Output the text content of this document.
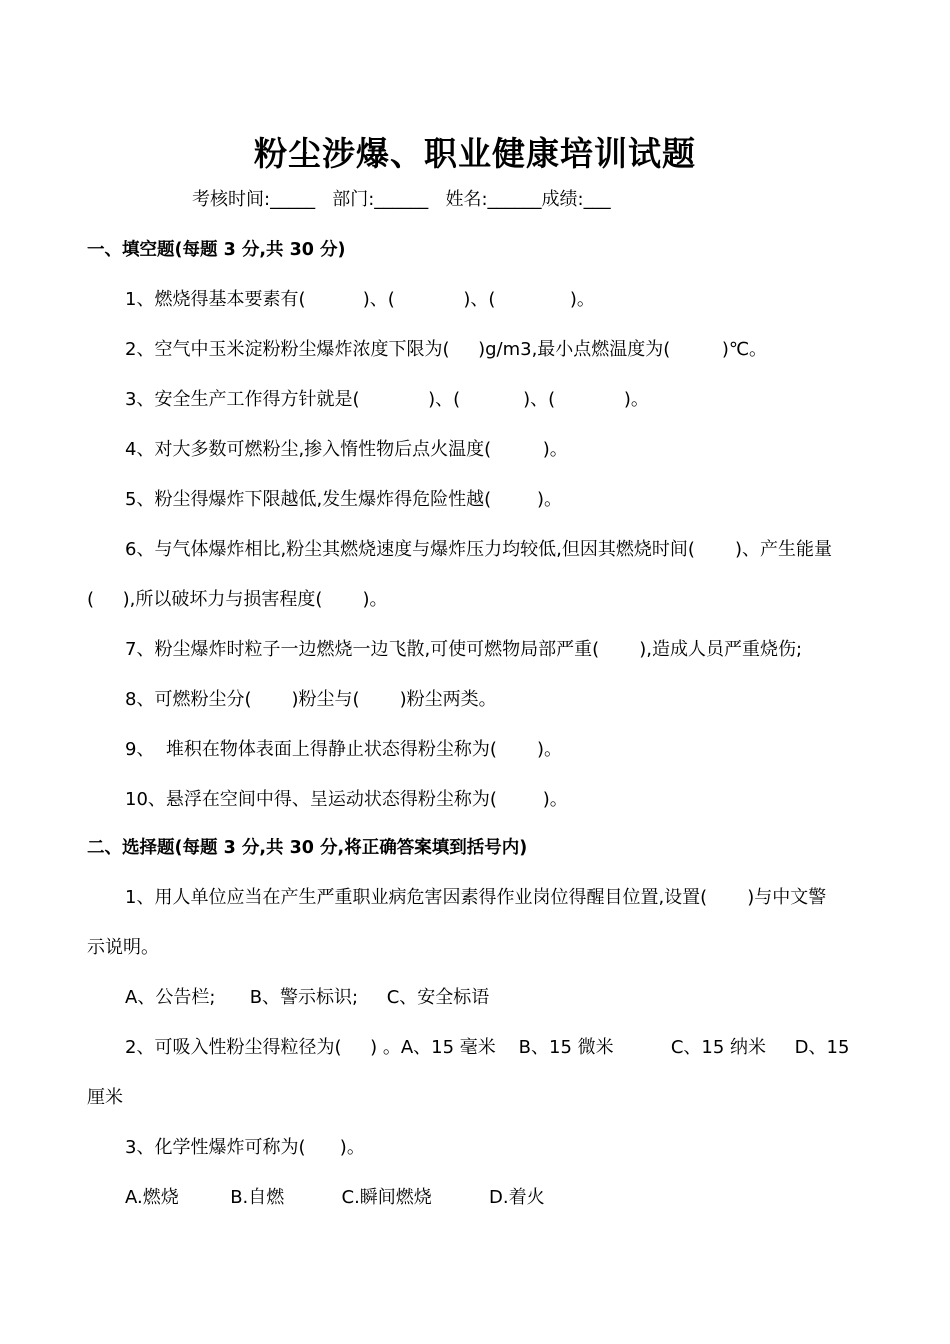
粉尘涉爆、职业健康培训试题
考核时间:_____   部门:______   姓名:______成绩:___
一、填空题(每题 3 分,共 30 分)
1、燃烧得基本要素有(          )、(            )、(             )。
2、空气中玉米淀粉粉尘爆炸浓度下限为(     )g/m3,最小点燃温度为(         )℃。
3、安全生产工作得方针就是(            )、(           )、(            )。
4、对大多数可燃粉尘,掺入惰性物后点火温度(         )。
5、粉尘得爆炸下限越低,发生爆炸得危险性越(        )。
6、与气体爆炸相比,粉尘其燃烧速度与爆炸压力均较低,但因其燃烧时间(       )、产生能量
(     ),所以破坏力与损害程度(       )。
7、粉尘爆炸时粒子一边燃烧一边飞散,可使可燃物局部严重(       ),造成人员严重烧伤;
8、可燃粉尘分(       )粉尘与(       )粉尘两类。
9、  堆积在物体表面上得静止状态得粉尘称为(       )。
10、悬浮在空间中得、呈运动状态得粉尘称为(        )。
二、选择题(每题 3 分,共 30 分,将正确答案填到括号内)
1、用人单位应当在产生严重职业病危害因素得作业岗位得醒目位置,设置(       )与中文警
示说明。
A、公告栏;      B、警示标识;     C、安全标语
2、可吸入性粉尘得粒径为(     ) 。A、15 毫米    B、15 微米          C、15 纳米     D、15
厘米
3、化学性爆炸可称为(      )。
A.燃烧         B.自燃          C.瞬间燃烧          D.着火
